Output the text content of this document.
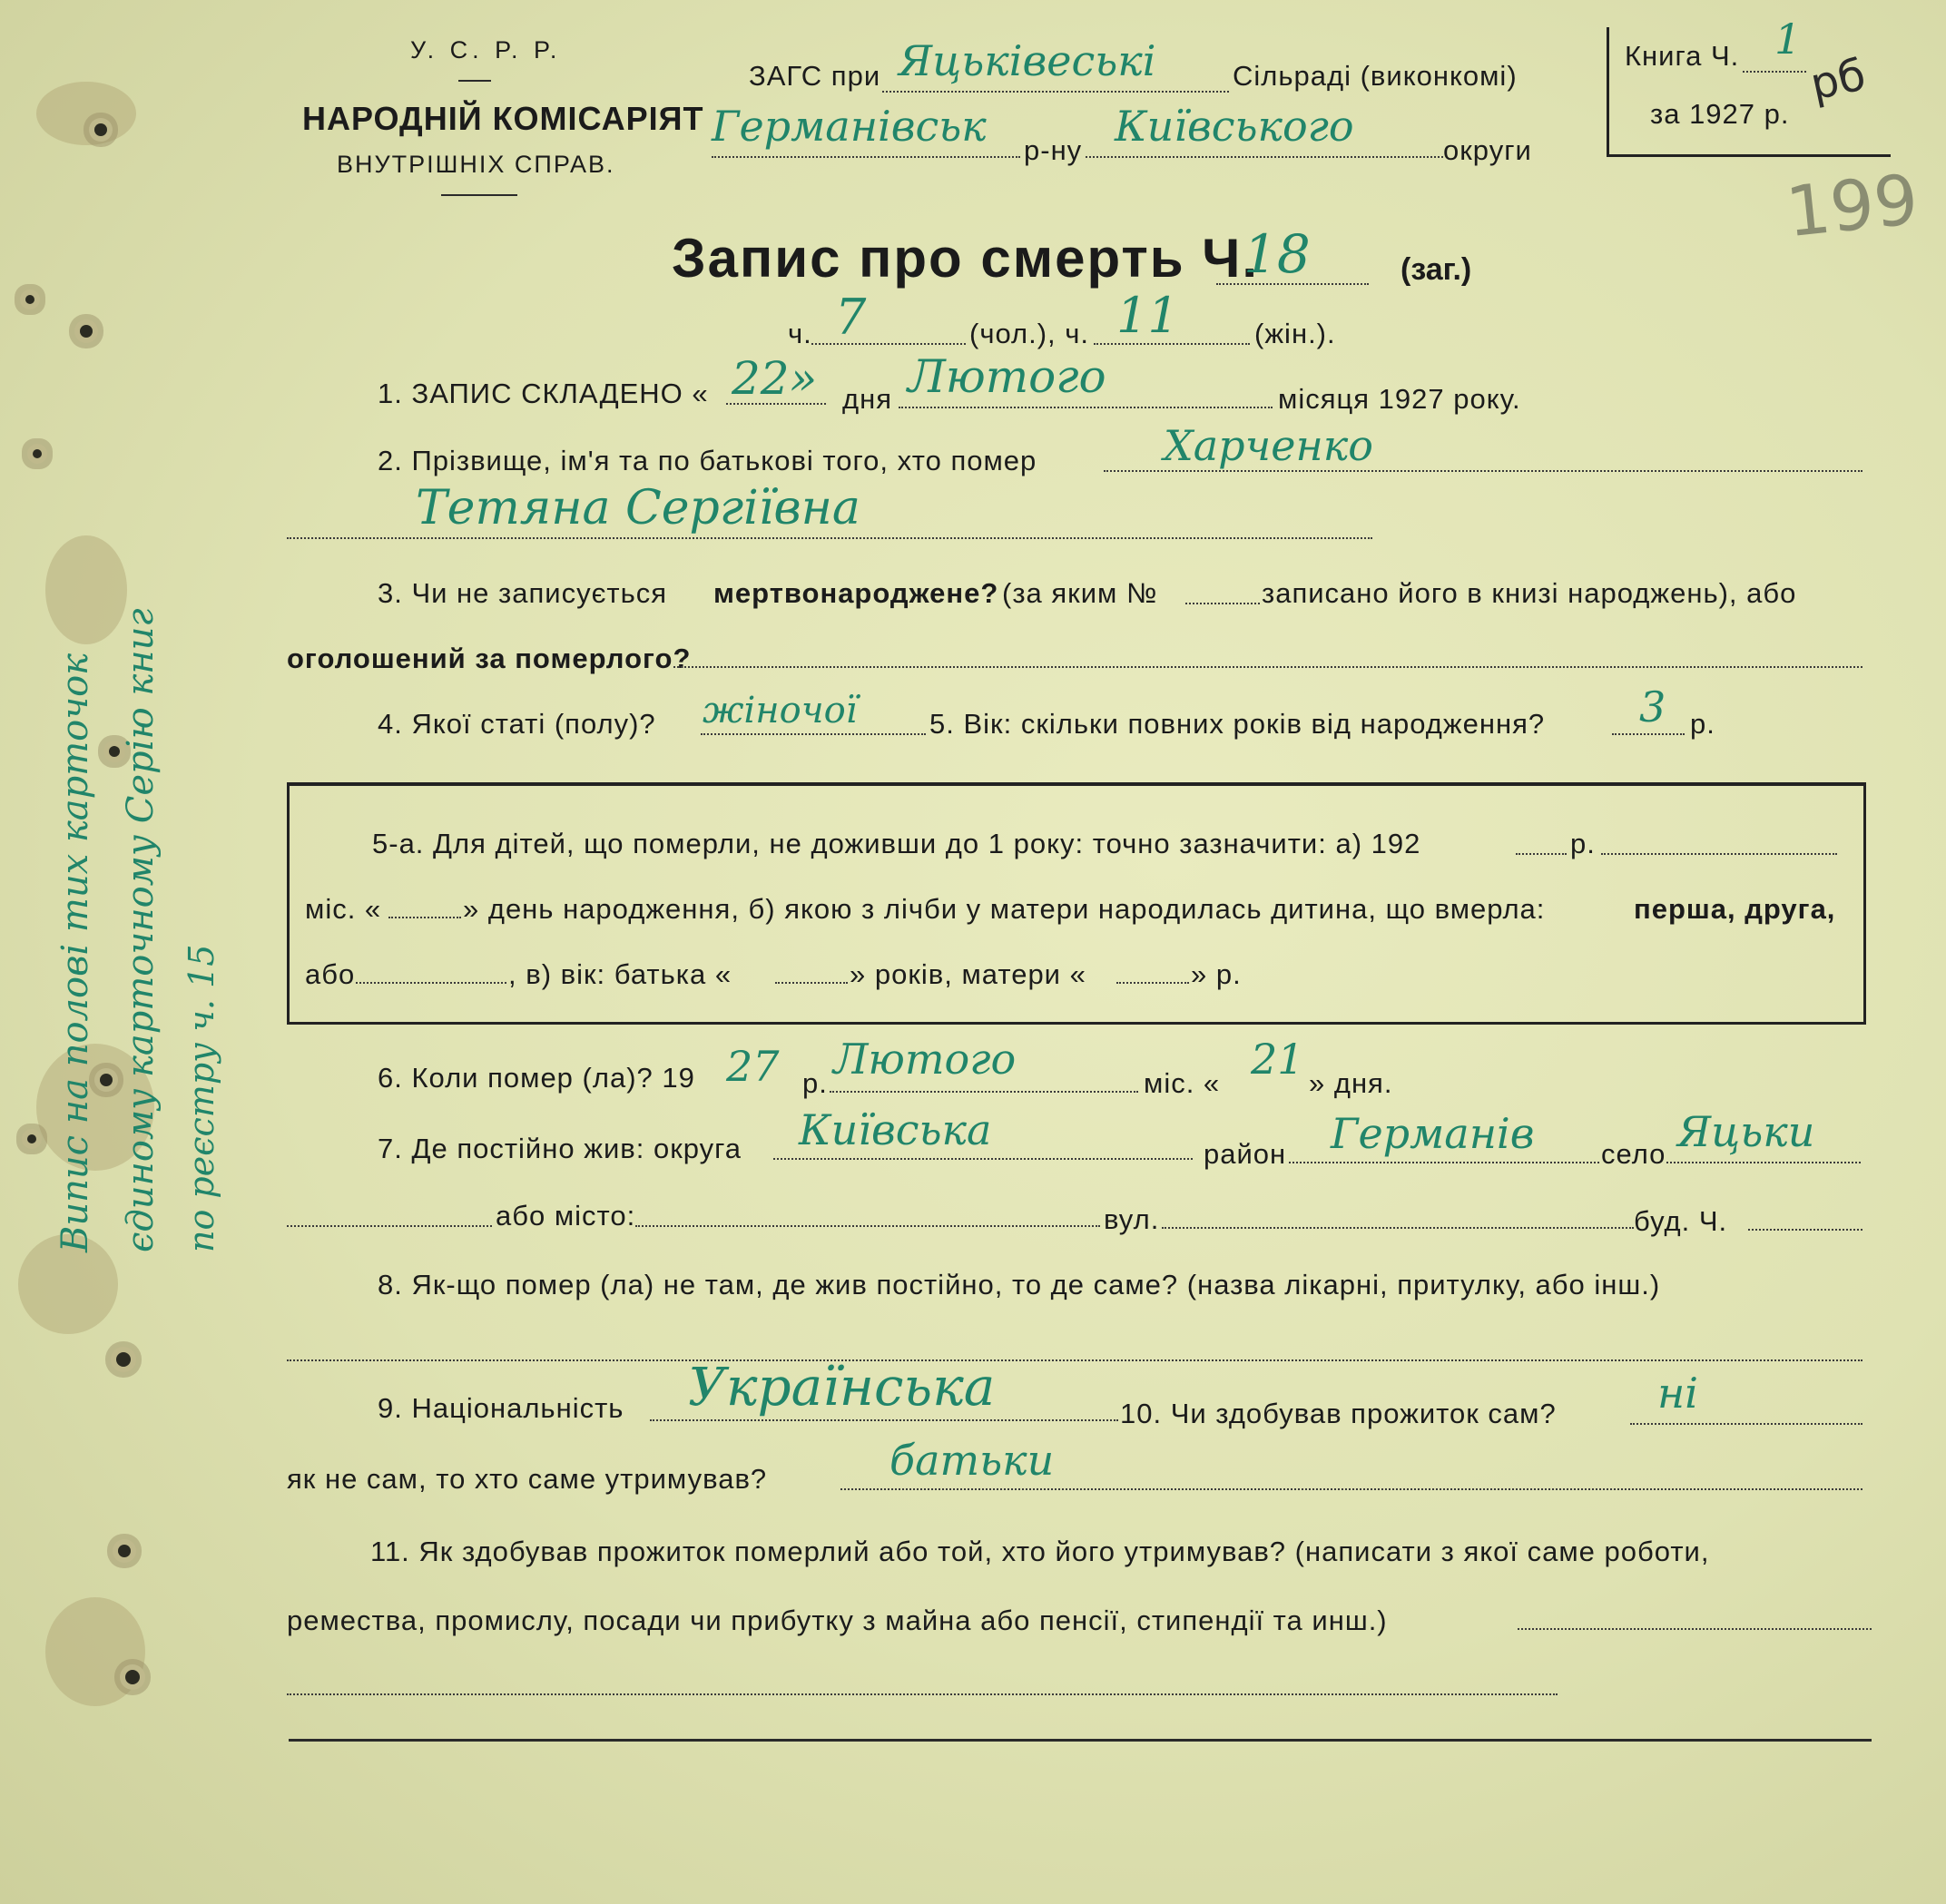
Випис на полові тих карточок єдиному карточному Серію книг по реєстру ч. 15
У. С. Р. Р.
НАРОДНІЙ КОМІСАРІЯТ
ВНУТРІШНІХ СПРАВ.
ЗАГС при Яцьківеські	Сільраді (виконкомі)
Германівськ р-ну Київського	округи
Книга Ч. 1
за 1927 р.
рб
199
Запис про смерть Ч.
18	(заг.)
ч. 7	(чол.), ч. 11	(жін.).
1. ЗАПИС СКЛАДЕНО « 22» дня Лютого	місяця 1927 року.
2. Прізвище, ім'я та по батькові того, хто помер	Харченко
Тетяна Сергіївна
3. Чи не записується мертвонароджене? (за яким №	записано його в книзі народжень), або
оголошений за померлого?
4. Якої статі (полу)? жіночої	5. Вік: скільки повних років від народження? 3 р.
5-а. Для дітей, що померли, не доживши до 1 року: точно зазначити: а) 192	р.
міс. «	» день народження, б) якою з лічби у матери народилась дитина, що вмерла:	перша, друга,
або	, в) вік: батька «	» років, матери «	» р.
6. Коли помер (ла)? 19 27 р. Лютого	міс. « 21 » дня.
7. Де постійно жив: округа Київська	район Германів село Яцьки
або місто:	вул.	буд. Ч.
8. Як-що помер (ла) не там, де жив постійно, то де саме? (назва лікарні, притулку, або інш.)
9. Національність Українська	10. Чи здобував прожиток сам? ні
як не сам, то хто саме утримував?	батьки
11. Як здобував прожиток померлий або той, хто його утримував? (написати з якої саме роботи,
ремества, промислу, посади чи прибутку з майна або пенсії, стипендії та инш.)
